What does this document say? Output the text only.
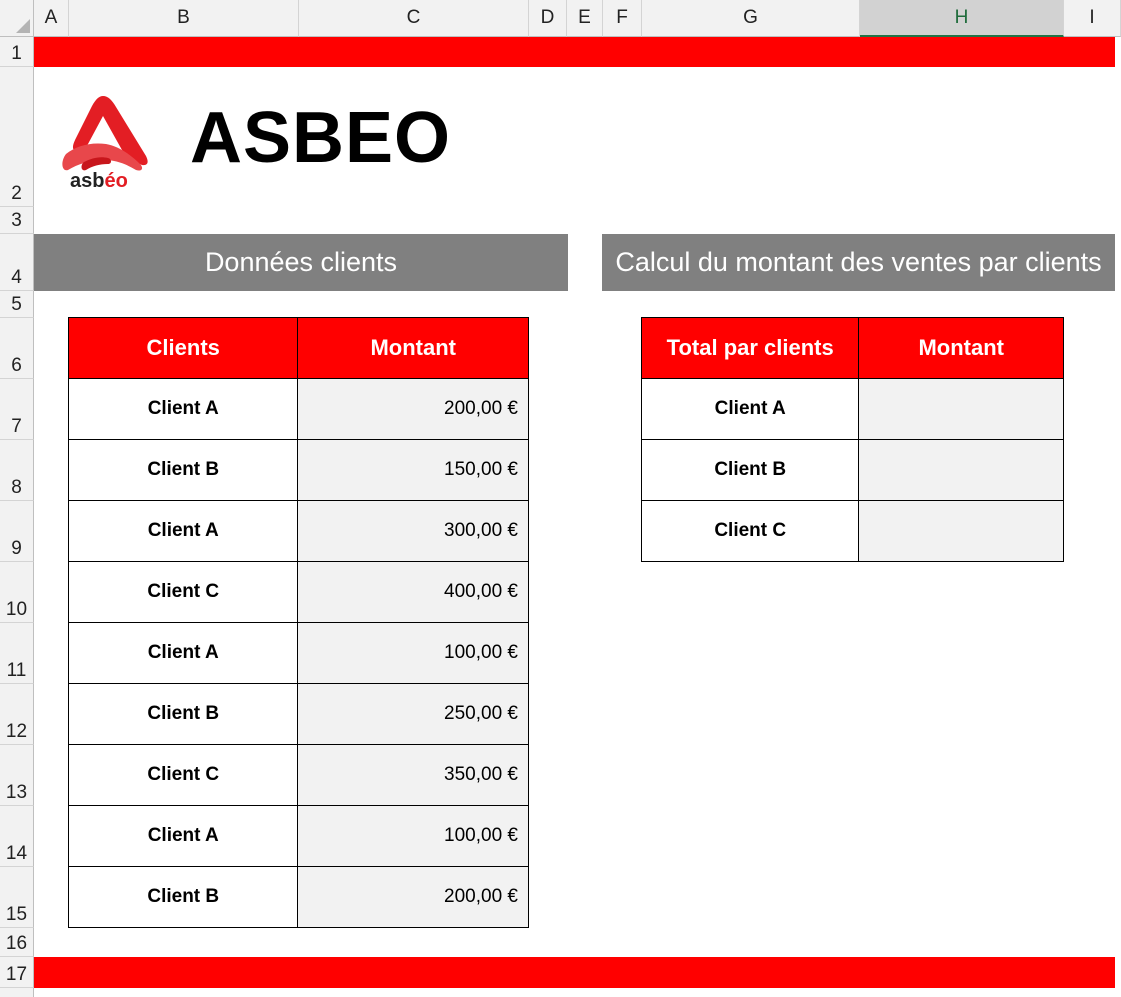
A	B	C	D	E	F	G	H	I
1
2
3
4
5
6
7
8
9
10
11
12
13
14
15
16
17
asbéo
ASBEO
Données clients	Calcul du montant des ventes par clients
Clients	Montant
Client A	200,00 €
Client B	150,00 €
Client A	300,00 €
Client C	400,00 €
Client A	100,00 €
Client B	250,00 €
Client C	350,00 €
Client A	100,00 €
Client B	200,00 €
Total par clients	Montant
Client A	
Client B	
Client C	
